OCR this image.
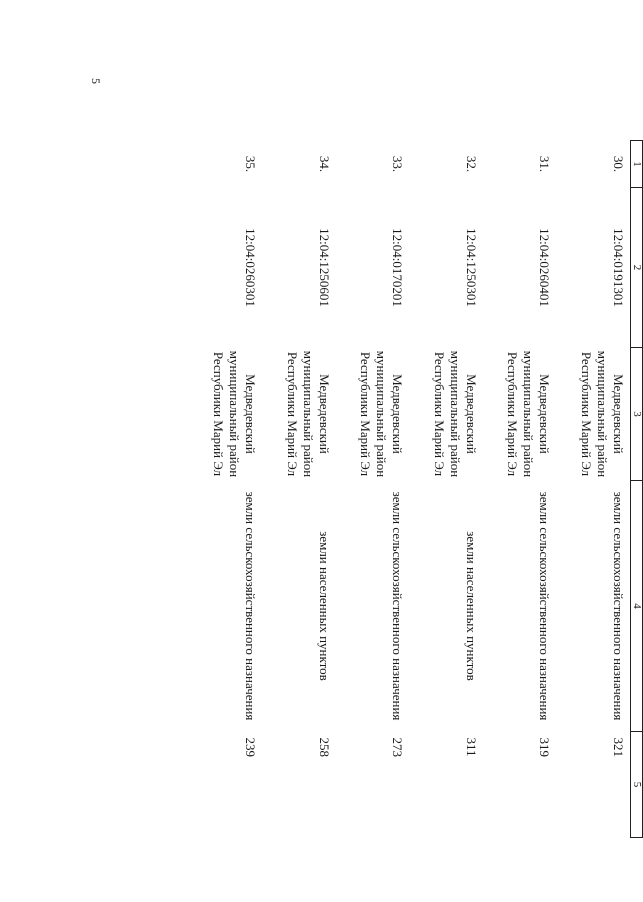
5
1	2	3	4	5
30.	12:04:0191301	Медведевский муниципальный район Республики Марий Эл	земли сельскохозяйственного назначения	321
31.	12:04:0260401	Медведевский муниципальный район Республики Марий Эл	земли сельскохозяйственного назначения	319
32.	12:04:1250301	Медведевский муниципальный район Республики Марий Эл	земли населенных пунктов	311
33.	12:04:0170201	Медведевский муниципальный район Республики Марий Эл	земли сельскохозяйственного назначения	273
34.	12:04:1250601	Медведевский муниципальный район Республики Марий Эл	земли населенных пунктов	258
35.	12:04:0260301	Медведевский муниципальный район Республики Марий Эл	земли сельскохозяйственного назначения	239
